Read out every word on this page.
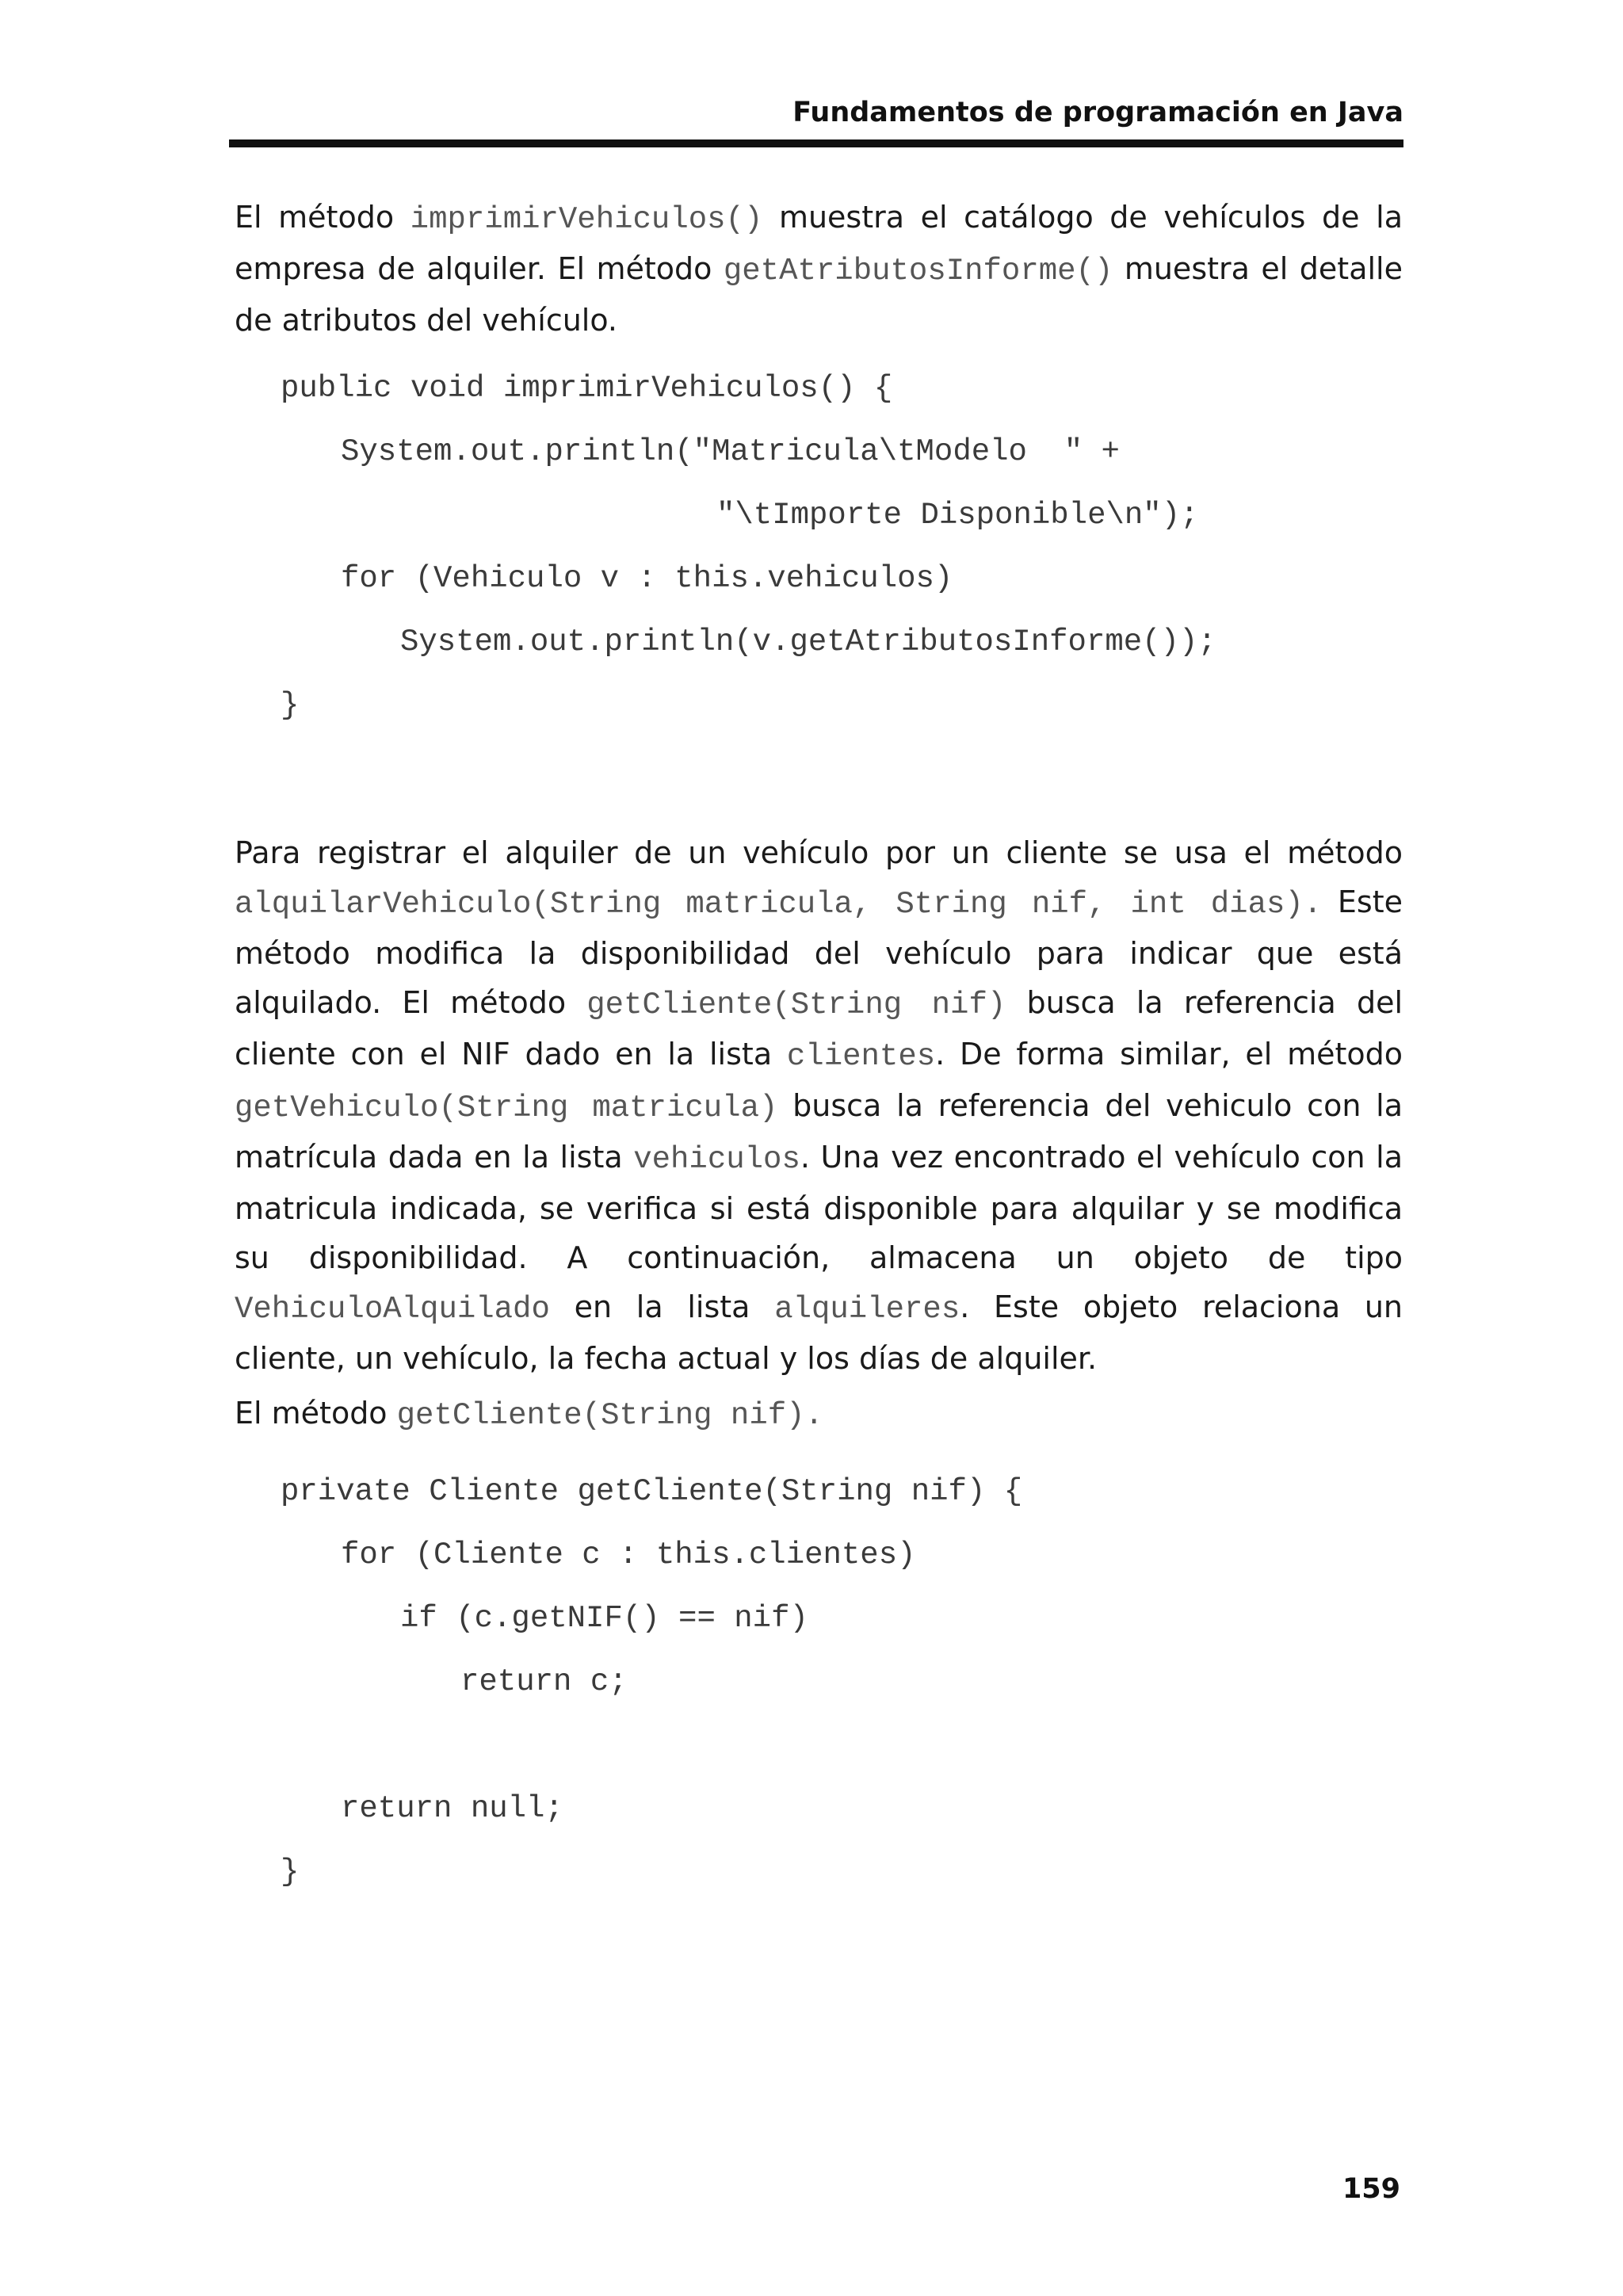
Fundamentos de programación en Java

El método imprimirVehiculos() muestra el catálogo de vehículos de la empresa de alquiler. El método getAtributosInforme() muestra el detalle de atributos del vehículo.

public void imprimirVehiculos() {
System.out.println("Matricula\tModelo  " +
"\tImporte Disponible\n");
for (Vehiculo v : this.vehiculos)
System.out.println(v.getAtributosInforme());
}

Para registrar el alquiler de un vehículo por un cliente se usa el método alquilarVehiculo(String matricula, String nif, int dias). Este método modifica la disponibilidad del vehículo para indicar que está alquilado. El método getCliente(String nif) busca la referencia del cliente con el NIF dado en la lista clientes. De forma similar, el método getVehiculo(String matricula) busca la referencia del vehiculo con la matrícula dada en la lista vehiculos. Una vez encontrado el vehículo con la matricula indicada, se verifica si está disponible para alquilar y se modifica su disponibilidad. A continuación, almacena un objeto de tipo VehiculoAlquilado en la lista alquileres. Este objeto relaciona un cliente, un vehículo, la fecha actual y los días de alquiler.

El método getCliente(String nif).

private Cliente getCliente(String nif) {
for (Cliente c : this.clientes)
if (c.getNIF() == nif)
return c;
return null;
}
159
